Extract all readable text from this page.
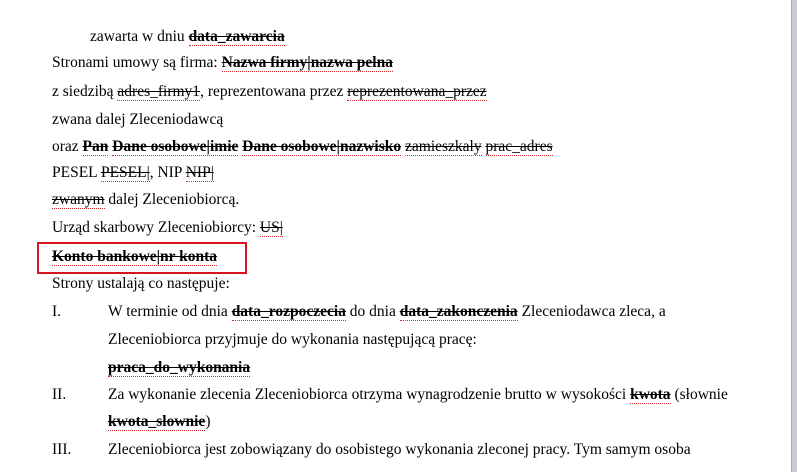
zawarta w dniu data_zawarcia
Stronami umowy są firma: Nazwa firmy|nazwa pelna
z siedzibą adres_firmy1, reprezentowana przez reprezentowana_przez
zwana dalej Zleceniodawcą
oraz Pan Dane osobowe|imie Dane osobowe|nazwisko zamieszkaly prac_adres
PESEL PESEL|, NIP NIP|
zwanym dalej Zleceniobiorcą.
Urząd skarbowy Zleceniobiorcy: US|
Konto bankowe|nr konta
Strony ustalają co następuje:
I.	W terminie od dnia data_rozpoczecia do dnia data_zakonczenia Zleceniodawca zleca, a
Zleceniobiorca przyjmuje do wykonania następującą pracę:
praca_do_wykonania
II.	Za wykonanie zlecenia Zleceniobiorca otrzyma wynagrodzenie brutto w wysokości kwota (słownie
kwota_slownie)
III. Zleceniobiorca jest zobowiązany do osobistego wykonania zleconej pracy. Tym samym osoba
